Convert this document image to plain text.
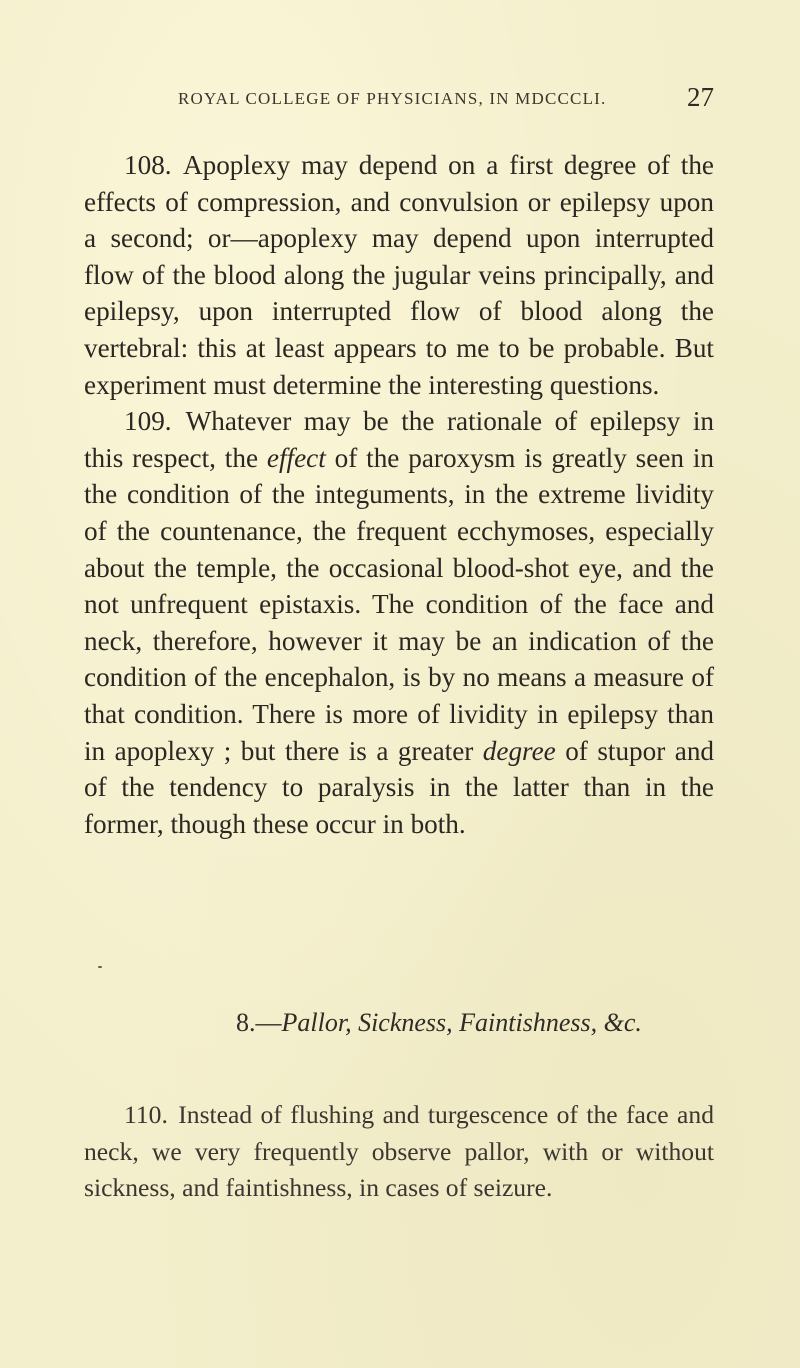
ROYAL COLLEGE OF PHYSICIANS, IN MDCCCLI.	27

108. Apoplexy may depend on a first degree of the effects of compression, and convulsion or epilepsy upon a second; or—apoplexy may depend upon interrupted flow of the blood along the jugular veins principally, and epilepsy, upon interrupted flow of blood along the vertebral: this at least appears to me to be probable. But experiment must determine the interesting questions.

109. Whatever may be the rationale of epilepsy in this respect, the effect of the paroxysm is greatly seen in the condition of the integuments, in the extreme lividity of the countenance, the frequent ecchymoses, especially about the temple, the occasional blood-shot eye, and the not unfrequent epistaxis. The condition of the face and neck, therefore, however it may be an indication of the condition of the encephalon, is by no means a measure of that condition. There is more of lividity in epilepsy than in apoplexy ; but there is a greater degree of stupor and of the tendency to paralysis in the latter than in the former, though these occur in both.

8.—Pallor, Sickness, Faintishness, &c.

110. Instead of flushing and turgescence of the face and neck, we very frequently observe pallor, with or without sickness, and faintishness, in cases of seizure.
